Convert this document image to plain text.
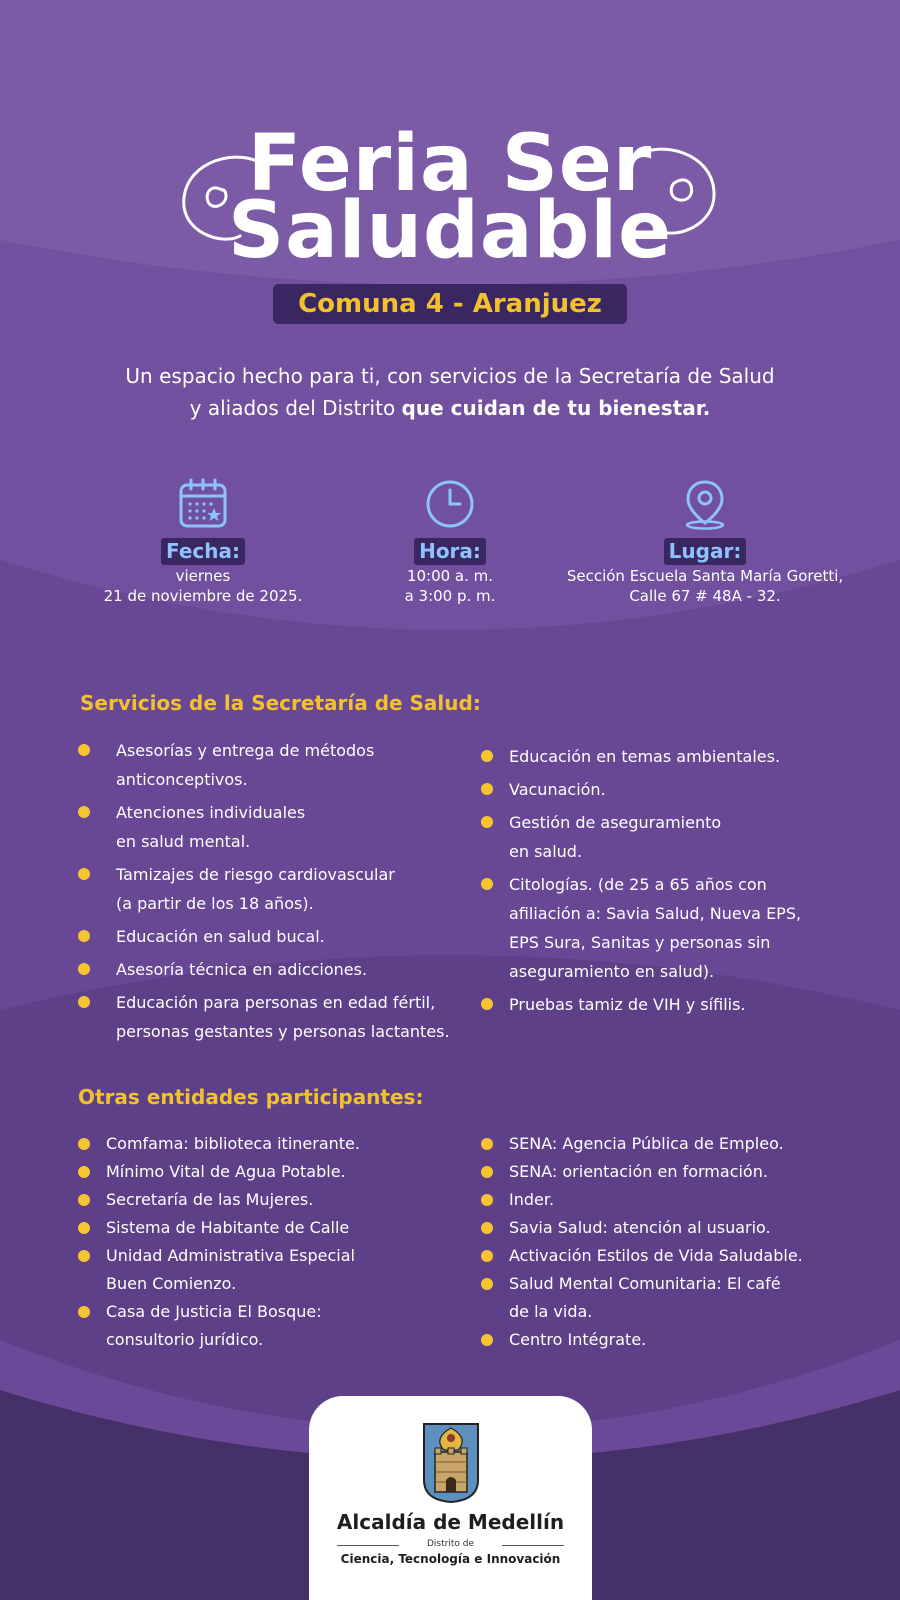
Feria Ser
Saludable
Comuna 4 - Aranjuez
Un espacio hecho para ti, con servicios de la Secretaría de Salud
y aliados del Distrito que cuidan de tu bienestar.
Fecha:
viernes
21 de noviembre de 2025.
Hora:
10:00 a. m.
a 3:00 p. m.
Lugar:
Sección Escuela Santa María Goretti,
Calle 67 # 48A - 32.
Servicios de la Secretaría de Salud:
Asesorías y entrega de métodos
anticonceptivos.
Atenciones individuales
en salud mental.
Tamizajes de riesgo cardiovascular
(a partir de los 18 años).
Educación en salud bucal.
Asesoría técnica en adicciones.
Educación para personas en edad fértil,
personas gestantes y personas lactantes.
Educación en temas ambientales.
Vacunación.
Gestión de aseguramiento
en salud.
Citologías. (de 25 a 65 años con
afiliación a: Savia Salud, Nueva EPS,
EPS Sura, Sanitas y personas sin
aseguramiento en salud).
Pruebas tamiz de VIH y sífilis.
Otras entidades participantes:
Comfama: biblioteca itinerante.
Mínimo Vital de Agua Potable.
Secretaría de las Mujeres.
Sistema de Habitante de Calle
Unidad Administrativa Especial
Buen Comienzo.
Casa de Justicia El Bosque:
consultorio jurídico.
SENA: Agencia Pública de Empleo.
SENA: orientación en formación.
Inder.
Savia Salud: atención al usuario.
Activación Estilos de Vida Saludable.
Salud Mental Comunitaria: El café
de la vida.
Centro Intégrate.
Alcaldía de Medellín
Distrito de
Ciencia, Tecnología e Innovación
